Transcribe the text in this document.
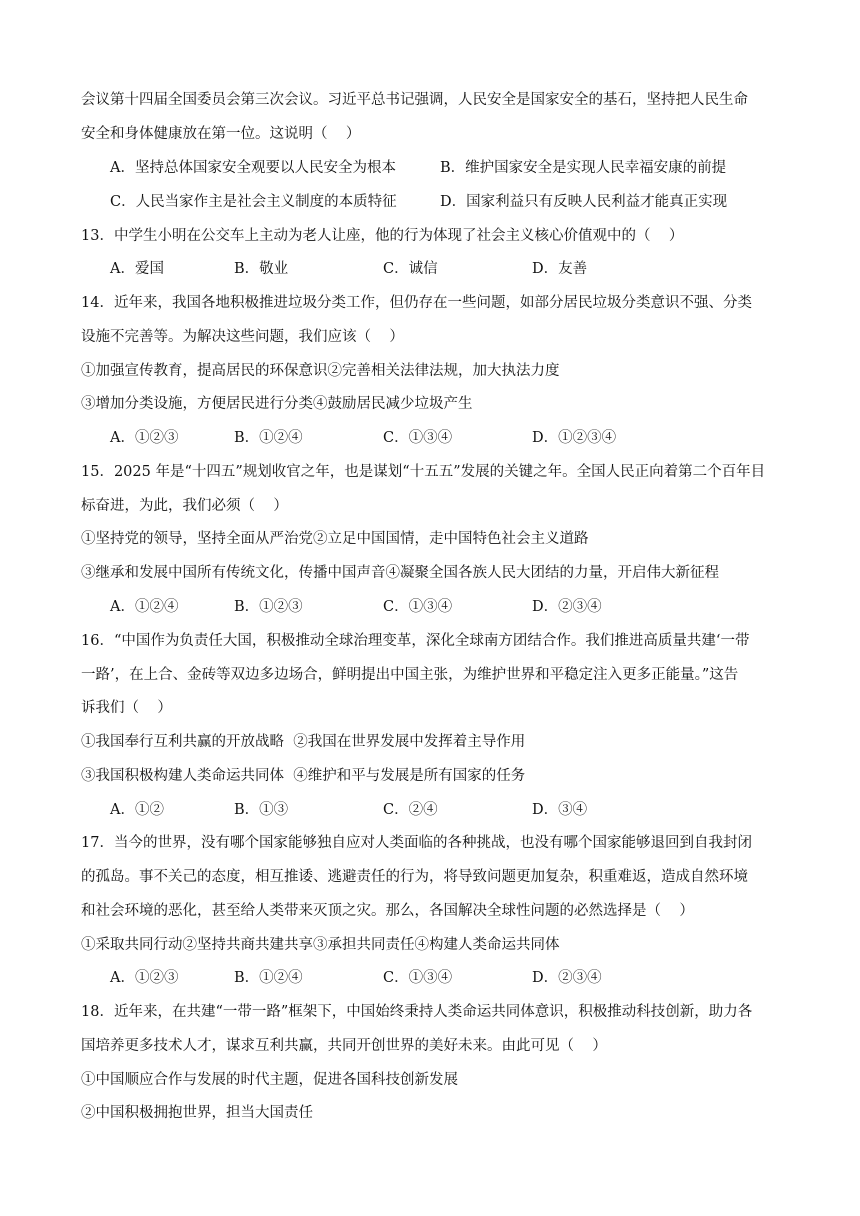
会议第十四届全国委员会第三次会议。习近平总书记强调，人民安全是国家安全的基石，坚持把人民生命
安全和身体健康放在第一位。这说明（    ）
A．坚持总体国家安全观要以人民安全为根本	B．维护国家安全是实现人民幸福安康的前提
C．人民当家作主是社会主义制度的本质特征	D．国家利益只有反映人民利益才能真正实现
13．中学生小明在公交车上主动为老人让座，他的行为体现了社会主义核心价值观中的（    ）
A．爱国	B．敬业	C．诚信	D．友善
14．近年来，我国各地积极推进垃圾分类工作，但仍存在一些问题，如部分居民垃圾分类意识不强、分类
设施不完善等。为解决这些问题，我们应该（    ）
①加强宣传教育，提高居民的环保意识②完善相关法律法规，加大执法力度
③增加分类设施，方便居民进行分类④鼓励居民减少垃圾产生
A．①②③	B．①②④	C．①③④	D．①②③④
15．2025 年是“十四五”规划收官之年，也是谋划“十五五”发展的关键之年。全国人民正向着第二个百年目
标奋进，为此，我们必须（    ）
①坚持党的领导，坚持全面从严治党②立足中国国情，走中国特色社会主义道路
③继承和发展中国所有传统文化，传播中国声音④凝聚全国各族人民大团结的力量，开启伟大新征程
A．①②④	B．①②③	C．①③④	D．②③④
16．“中国作为负责任大国，积极推动全球治理变革，深化全球南方团结合作。我们推进高质量共建‘一带
一路’，在上合、金砖等双边多边场合，鲜明提出中国主张，为维护世界和平稳定注入更多正能量。”这告
诉我们（    ）
①我国奉行互利共赢的开放战略  ②我国在世界发展中发挥着主导作用
③我国积极构建人类命运共同体  ④维护和平与发展是所有国家的任务
A．①②	B．①③	C．②④	D．③④
17．当今的世界，没有哪个国家能够独自应对人类面临的各种挑战，也没有哪个国家能够退回到自我封闭
的孤岛。事不关己的态度，相互推诿、逃避责任的行为，将导致问题更加复杂，积重难返，造成自然环境
和社会环境的恶化，甚至给人类带来灭顶之灾。那么，各国解决全球性问题的必然选择是（    ）
①采取共同行动②坚持共商共建共享③承担共同责任④构建人类命运共同体
A．①②③	B．①②④	C．①③④	D．②③④
18．近年来，在共建“一带一路”框架下，中国始终秉持人类命运共同体意识，积极推动科技创新，助力各
国培养更多技术人才，谋求互利共赢，共同开创世界的美好未来。由此可见（    ）
①中国顺应合作与发展的时代主题，促进各国科技创新发展
②中国积极拥抱世界，担当大国责任
